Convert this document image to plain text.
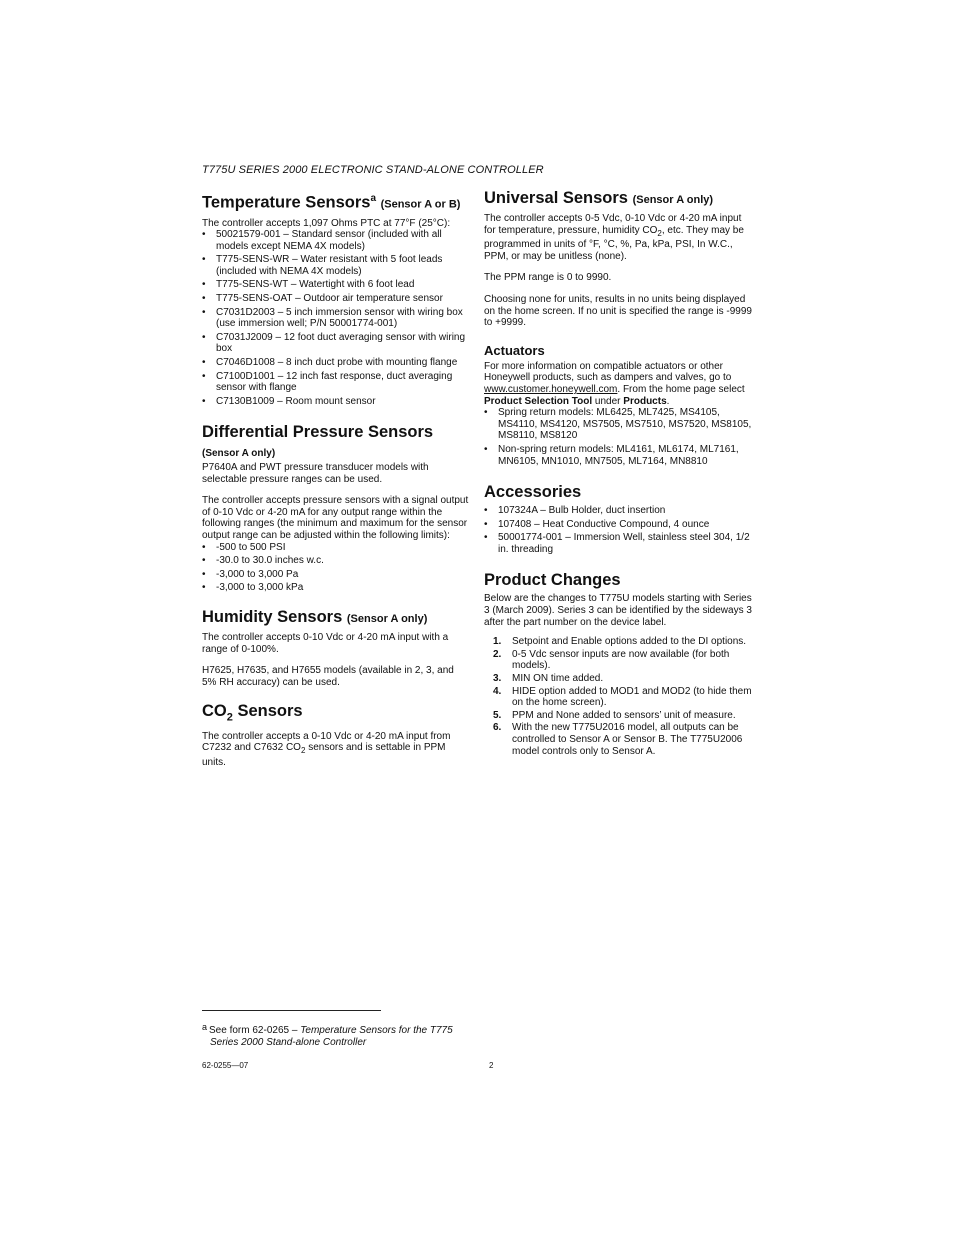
T775U SERIES 2000 ELECTRONIC STAND-ALONE CONTROLLER
Temperature Sensors$^a$ (Sensor A or B)

The controller accepts 1,097 Ohms PTC at 77°F (25°C):

• 50021579-001 – Standard sensor (included with all models except NEMA 4X models)
• T775-SENS-WR – Water resistant with 5 foot leads (included with NEMA 4X models)
• T775-SENS-WT – Watertight with 6 foot lead
• T775-SENS-OAT – Outdoor air temperature sensor
• C7031D2003 – 5 inch immersion sensor with wiring box (use immersion well; P/N 50001774-001)
• C7031J2009 – 12 foot duct averaging sensor with wiring box
• C7046D1008 – 8 inch duct probe with mounting flange
• C7100D1001 – 12 inch fast response, duct averaging sensor with flange
• C7130B1009 – Room mount sensor
Differential Pressure Sensors

(Sensor A only)

P7640A and PWT pressure transducer models with selectable pressure ranges can be used.

The controller accepts pressure sensors with a signal output of 0-10 Vdc or 4-20 mA for any output range within the following ranges (the minimum and maximum for the sensor output range can be adjusted within the following limits):

• -500 to 500 PSI
• -30.0 to 30.0 inches w.c.
• -3,000 to 3,000 Pa
• -3,000 to 3,000 kPa
Humidity Sensors (Sensor A only)

The controller accepts 0-10 Vdc or 4-20 mA input with a range of 0-100%.

H7625, H7635, and H7655 models (available in 2, 3, and 5% RH accuracy) can be used.

$CO_2$ Sensors

The controller accepts a 0-10 Vdc or 4-20 mA input from C7232 and C7632 $CO_2$ sensors and is settable in PPM units.

Universal Sensors (Sensor A only)

The controller accepts 0-5 Vdc, 0-10 Vdc or 4-20 mA input for temperature, pressure, humidity $CO_2$, etc. They may be programmed in units of °F, °C, %, Pa, kPa, PSI, In W.C., PPM, or may be unitless (none).

The PPM range is 0 to 9990.

Choosing none for units, results in no units being displayed on the home screen. If no unit is specified the range is -9999 to +9999.

Actuators

For more information on compatible actuators or other Honeywell products, such as dampers and valves, go to www.customer.honeywell.com. From the home page select Product Selection Tool under Products.

• Spring return models: ML6425, ML7425, MS4105, MS4110, MS4120, MS7505, MS7510, MS7520, MS8105, MS8110, MS8120
• Non-spring return models: ML4161, ML6174, ML7161, MN6105, MN1010, MN7505, ML7164, MN8810
Accessories
• 107324A – Bulb Holder, duct insertion
• 107408 – Heat Conductive Compound, 4 ounce
• 50001774-001 – Immersion Well, stainless steel 304, 1/2 in. threading
Product Changes

Below are the changes to T775U models starting with Series 3 (March 2009). Series 3 can be identified by the sideways 3 after the part number on the device label.

1. Setpoint and Enable options added to the DI options.
2. 0-5 Vdc sensor inputs are now available (for both models).
3. MIN ON time added.
4. HIDE option added to MOD1 and MOD2 (to hide them on the home screen).
5. PPM and None added to sensors’ unit of measure.
6. With the new T775U2016 model, all outputs can be controlled to Sensor A or Sensor B. The T775U2006 model controls only to Sensor A.
a See form 62-0265 – Temperature Sensors for the T775
Series 2000 Stand-alone Controller
62-0255—07	2
